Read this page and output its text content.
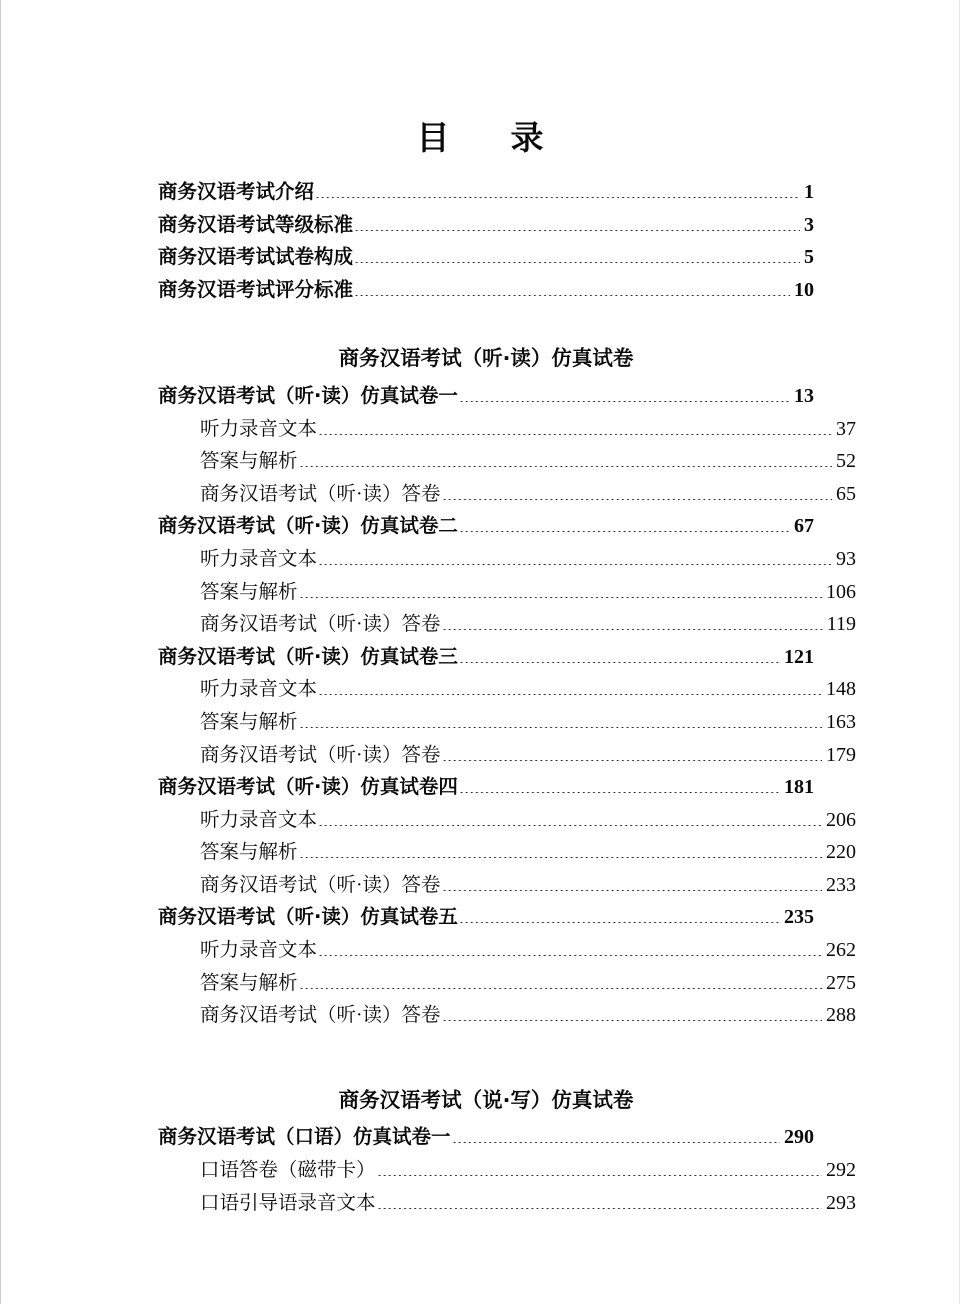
目　录
商务汉语考试介绍	1
商务汉语考试等级标准	3
商务汉语考试试卷构成	5
商务汉语考试评分标准	10
商务汉语考试（听·读）仿真试卷
商务汉语考试（听·读）仿真试卷一	13
听力录音文本	37
答案与解析	52
商务汉语考试（听·读）答卷	65
商务汉语考试（听·读）仿真试卷二	67
听力录音文本	93
答案与解析	106
商务汉语考试（听·读）答卷	119
商务汉语考试（听·读）仿真试卷三	121
听力录音文本	148
答案与解析	163
商务汉语考试（听·读）答卷	179
商务汉语考试（听·读）仿真试卷四	181
听力录音文本	206
答案与解析	220
商务汉语考试（听·读）答卷	233
商务汉语考试（听·读）仿真试卷五	235
听力录音文本	262
答案与解析	275
商务汉语考试（听·读）答卷	288
商务汉语考试（说·写）仿真试卷
商务汉语考试（口语）仿真试卷一	290
口语答卷（磁带卡）	292
口语引导语录音文本	293
